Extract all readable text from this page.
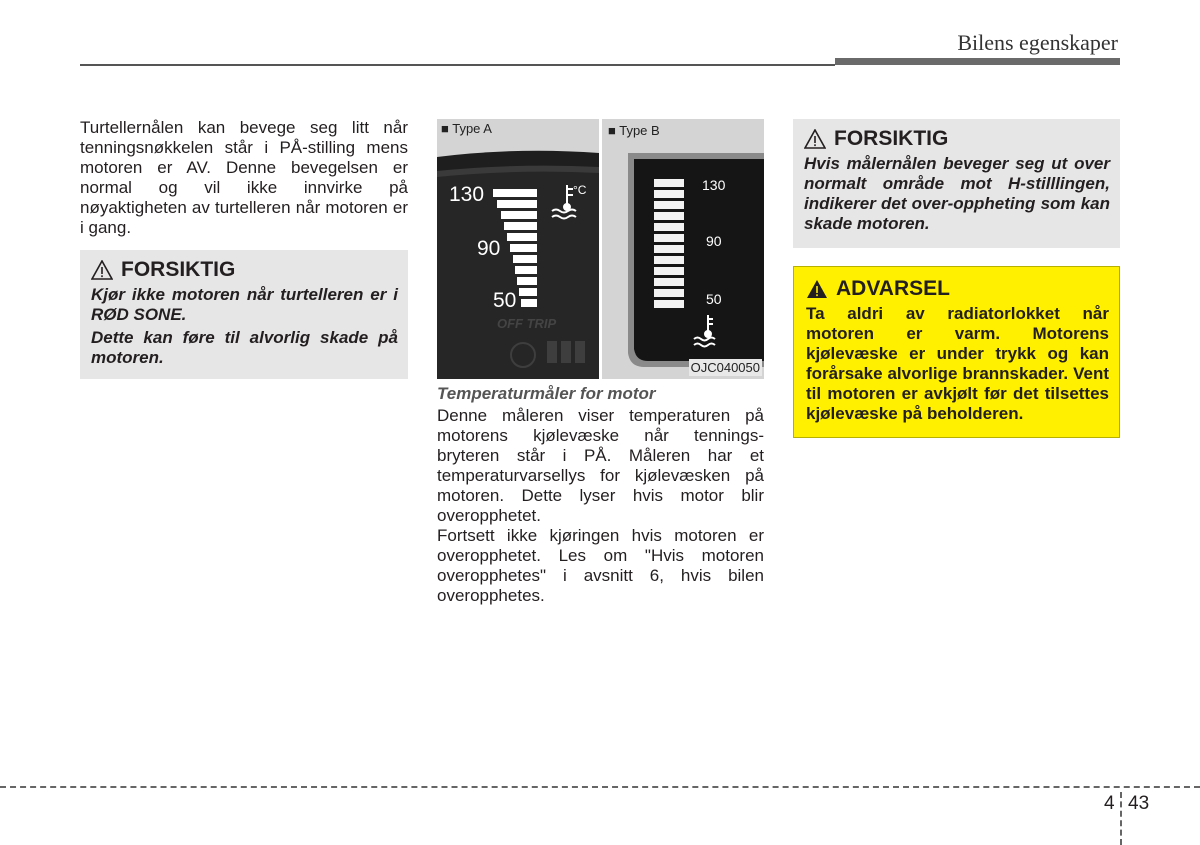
Bilens egenskaper

Turtellernålen kan bevege seg litt når tenningsnøkkelen står i PÅ-stilling mens motoren er AV. Denne bevegelsen er normal og vil ikke innvirke på nøyaktigheten av turtelleren når motoren er i gang.

FORSIKTIG

Kjør ikke motoren når turtelleren er i RØD SONE.

Dette kan føre til alvorlig skade på motoren.

■ Type A
130
90
50
°C
OFF TRIP
■ Type B
130
90
50
OJC040050

Temperaturmåler for motor

Denne måleren viser temperaturen på motorens kjølevæske når tennings-bryteren står i PÅ. Måleren har et temperaturvarsellys for kjølevæsken på motoren. Dette lyser hvis motor blir overopphetet.

Fortsett ikke kjøringen hvis motoren er overopphetet. Les om "Hvis motoren overopphetes" i avsnitt 6, hvis bilen overopphetes.

FORSIKTIG

Hvis målernålen beveger seg ut over normalt område mot H-stilllingen, indikerer det over-oppheting som kan skade motoren.

ADVARSEL

Ta aldri av radiatorlokket når motoren er varm. Motorens kjølevæske er under trykk og kan forårsake alvorlige brannskader. Vent til motoren er avkjølt før det tilsettes kjølevæske på beholderen.

4 43
